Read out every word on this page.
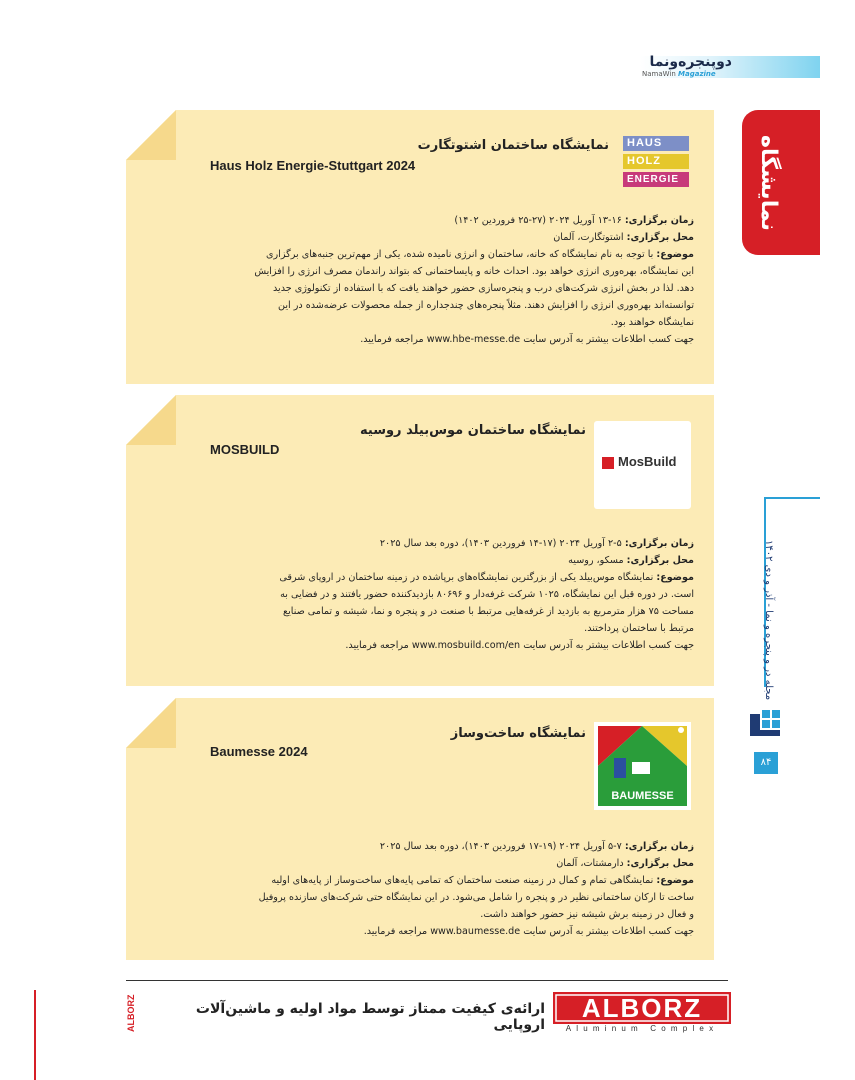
دوپنجره‌ونما
NamaWin Magazine
نمایشگاه
مجله در و پنجره و نما - آذر و دی ۱۴۰۲
۸۴
HAUS
HOLZ
ENERGIE
نمایشگاه ساختمان اشتوتگارت
Haus Holz Energie-Stuttgart 2024
زمان برگزاری: ۱۶-۱۳ آوریل ۲۰۲۴ (۲۷-۲۵ فروردین ۱۴۰۲)
محل برگزاری: اشتوتگارت، آلمان
موضوع: با توجه به نام نمایشگاه که خانه، ساختمان و انرژی نامیده شده، یکی از مهم‌ترین جنبه‌های برگزاری
این نمایشگاه، بهره‌وری انرژی خواهد بود. احداث خانه و پایساختمانی که بتواند راندمان مصرف انرژی را افزایش
دهد. لذا در بخش انرژی شرکت‌های درب و پنجره‌سازی حضور خواهند یافت که با استفاده از تکنولوژی جدید
توانسته‌اند بهره‌وری انرژی را افزایش دهند. مثلاً پنجره‌های چندجداره از جمله محصولات عرضه‌شده در این
نمایشگاه خواهند بود.
جهت کسب اطلاعات بیشتر به آدرس سایت www.hbe-messe.de مراجعه فرمایید.
MosBuild
نمایشگاه ساختمان موس‌بیلد روسیه
MOSBUILD
زمان برگزاری: ۵-۲ آوریل ۲۰۲۴ (۱۷-۱۴ فروردین ۱۴۰۳)، دوره بعد سال ۲۰۲۵
محل برگزاری: مسکو، روسیه
موضوع: نمایشگاه موس‌بیلد یکی از بزرگترین نمایشگاه‌های برپاشده در زمینه ساختمان در اروپای شرقی
است. در دوره قبل این نمایشگاه، ۱۰۲۵ شرکت غرفه‌دار و ۸۰۶۹۶ بازدیدکننده حضور یافتند و در فضایی به
مساحت ۷۵ هزار مترمربع به بازدید از غرفه‌هایی مرتبط با صنعت در و پنجره و نما، شیشه و تمامی صنایع
مرتبط با ساختمان پرداختند.
جهت کسب اطلاعات بیشتر به آدرس سایت www.mosbuild.com/en مراجعه فرمایید.
BAUMESSE
نمایشگاه ساخت‌وساز
Baumesse 2024
زمان برگزاری: ۷-۵ آوریل ۲۰۲۴ (۱۹-۱۷ فروردین ۱۴۰۳)، دوره بعد سال ۲۰۲۵
محل برگزاری: دارمشتات، آلمان
موضوع: نمایشگاهی تمام و کمال در زمینه صنعت ساختمان که تمامی پایه‌های ساخت‌وساز از پایه‌های اولیه
ساخت تا ارکان ساختمانی نظیر در و پنجره را شامل می‌شود. در این نمایشگاه حتی شرکت‌های سازنده پروفیل
و فعال در زمینه برش شیشه نیز حضور خواهند داشت.
جهت کسب اطلاعات بیشتر به آدرس سایت www.baumesse.de مراجعه فرمایید.
ALBORZ	ارائه‌ی کیفیت ممتاز توسط مواد اولیه و ماشین‌آلات اروپایی
ALBORZ
Aluminum Complex
